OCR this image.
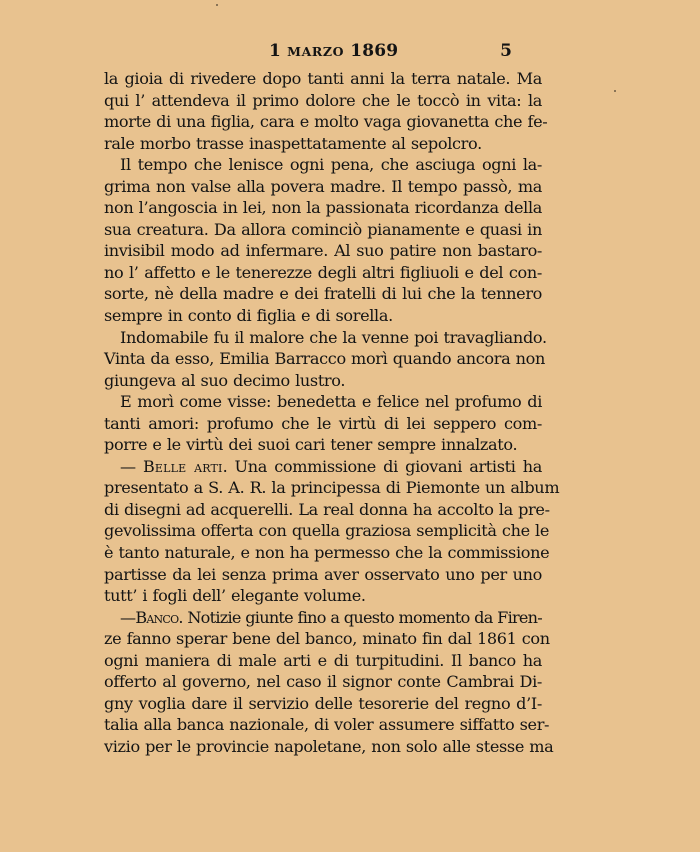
1 MARZO 1869	5
la gioia di rivedere dopo tanti anni la terra natale. Ma
qui l’ attendeva il primo dolore che le toccò in vita: la
morte di una figlia, cara e molto vaga giovanetta che fe-
rale morbo trasse inaspettatamente al sepolcro.
Il tempo che lenisce ogni pena, che asciuga ogni la-
grima non valse alla povera madre. Il tempo passò, ma
non l’angoscia in lei, non la passionata ricordanza della
sua creatura. Da allora cominciò pianamente e quasi in
invisibil modo ad infermare. Al suo patire non bastaro-
no l’ affetto e le tenerezze degli altri figliuoli e del con-
sorte, nè della madre e dei fratelli di lui che la tennero
sempre in conto di figlia e di sorella.
Indomabile fu il malore che la venne poi travagliando.
Vinta da esso, Emilia Barracco morì quando ancora non
giungeva al suo decimo lustro.
E morì come visse: benedetta e felice nel profumo di
tanti amori: profumo che le virtù di lei seppero com-
porre e le virtù dei suoi cari tener sempre innalzato.
— Belle arti. Una commissione di giovani artisti ha
presentato a S. A. R. la principessa di Piemonte un album
di disegni ad acquerelli. La real donna ha accolto la pre-
gevolissima offerta con quella graziosa semplicità che le
è tanto naturale, e non ha permesso che la commissione
partisse da lei senza prima aver osservato uno per uno
tutt’ i fogli dell’ elegante volume.
—Banco. Notizie giunte fino a questo momento da Firen-
ze fanno sperar bene del banco, minato fin dal 1861 con
ogni maniera di male arti e di turpitudini. Il banco ha
offerto al governo, nel caso il signor conte Cambrai Di-
gny voglia dare il servizio delle tesorerie del regno d’I-
talia alla banca nazionale, di voler assumere siffatto ser-
vizio per le provincie napoletane, non solo alle stesse ma
